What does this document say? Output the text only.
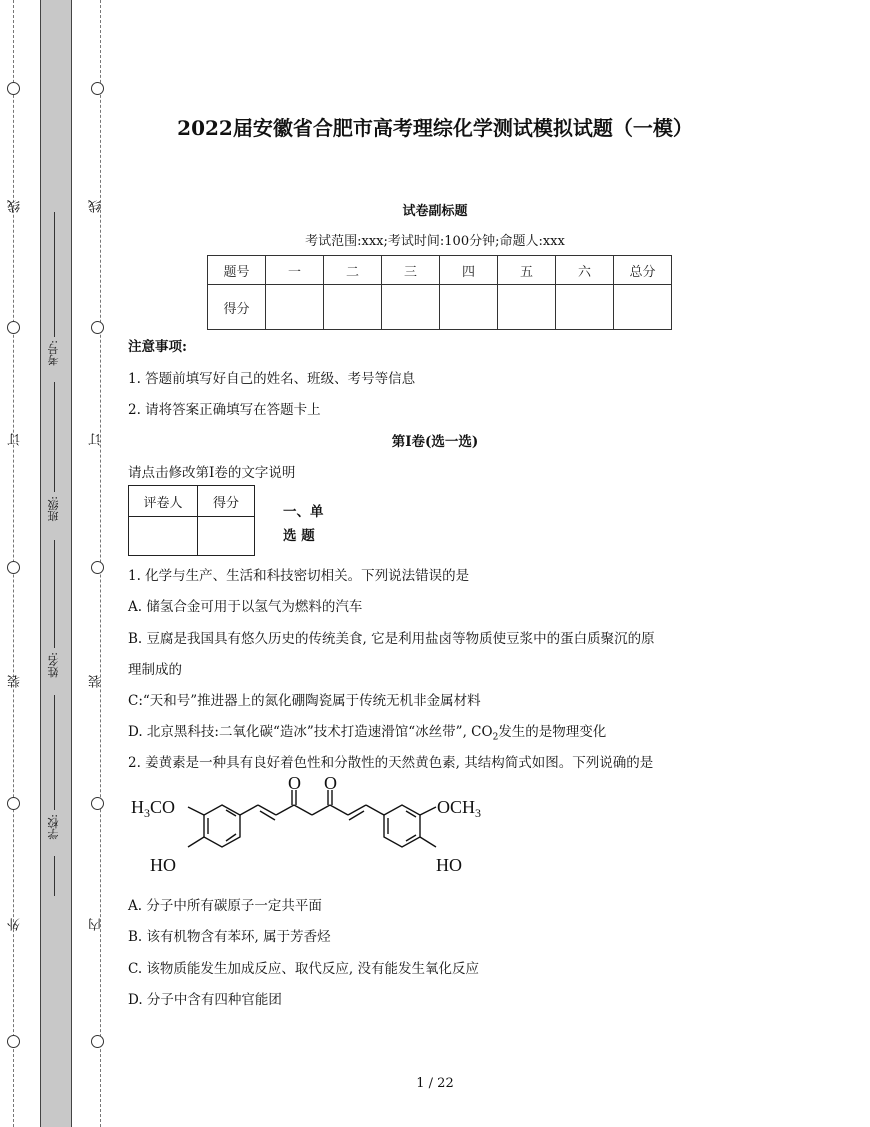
线
订
装
外
线
订
装
内
考号:
班级:
姓名:
学校:
2022届安徽省合肥市高考理综化学测试模拟试题（一模）
试卷副标题
考试范围:xxx;考试时间:100分钟;命题人:xxx
题号	一	二	三	四	五	六	总分
得分							
注意事项:
1. 答题前填写好自己的姓名、班级、考号等信息
2. 请将答案正确填写在答题卡上
第I卷(选一选)
请点击修改第I卷的文字说明
评卷人	得分

一、单
选 题
1. 化学与生产、生活和科技密切相关。下列说法错误的是
A. 储氢合金可用于以氢气为燃料的汽车
B. 豆腐是我国具有悠久历史的传统美食, 它是利用盐卤等物质使豆浆中的蛋白质聚沉的原
理制成的
C:“天和号”推进器上的氮化硼陶瓷属于传统无机非金属材料
D. 北京黑科技:二氧化碳“造冰”技术打造速滑馆“冰丝带”, $CO_2$发生的是物理变化
2. 姜黄素是一种具有良好着色性和分散性的天然黄色素, 其结构简式如图。下列说确的是
$H_3CO$
HO
O O
$OCH_3$
HO
A. 分子中所有碳原子一定共平面
B. 该有机物含有苯环, 属于芳香烃
C. 该物质能发生加成反应、取代反应, 没有能发生氧化反应
D. 分子中含有四种官能团
1 / 22
